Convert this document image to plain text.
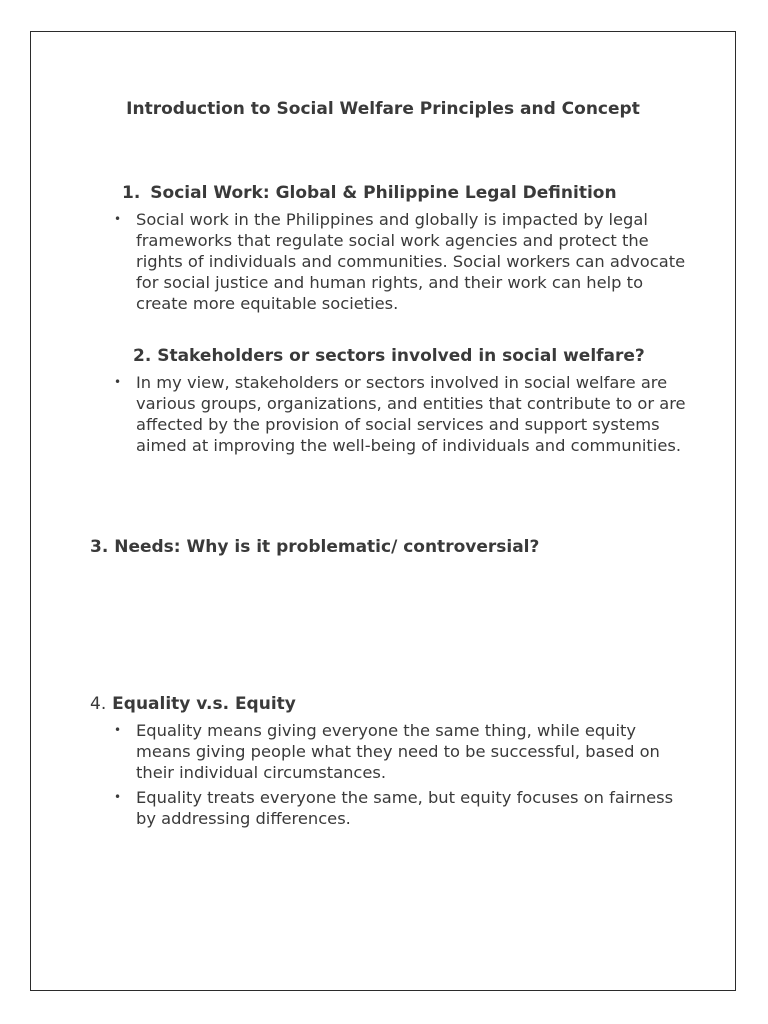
Introduction to Social Welfare Principles and Concept
1. Social Work: Global & Philippine Legal Definition
• Social work in the Philippines and globally is impacted by legal frameworks that regulate social work agencies and protect the rights of individuals and communities. Social workers can advocate for social justice and human rights, and their work can help to create more equitable societies.
2. Stakeholders or sectors involved in social welfare?
• In my view, stakeholders or sectors involved in social welfare are various groups, organizations, and entities that contribute to or are affected by the provision of social services and support systems aimed at improving the well-being of individuals and communities.
3. Needs: Why is it problematic/ controversial?
4. Equality v.s. Equity
• Equality means giving everyone the same thing, while equity means giving people what they need to be successful, based on their individual circumstances.
• Equality treats everyone the same, but equity focuses on fairness by addressing differences.
